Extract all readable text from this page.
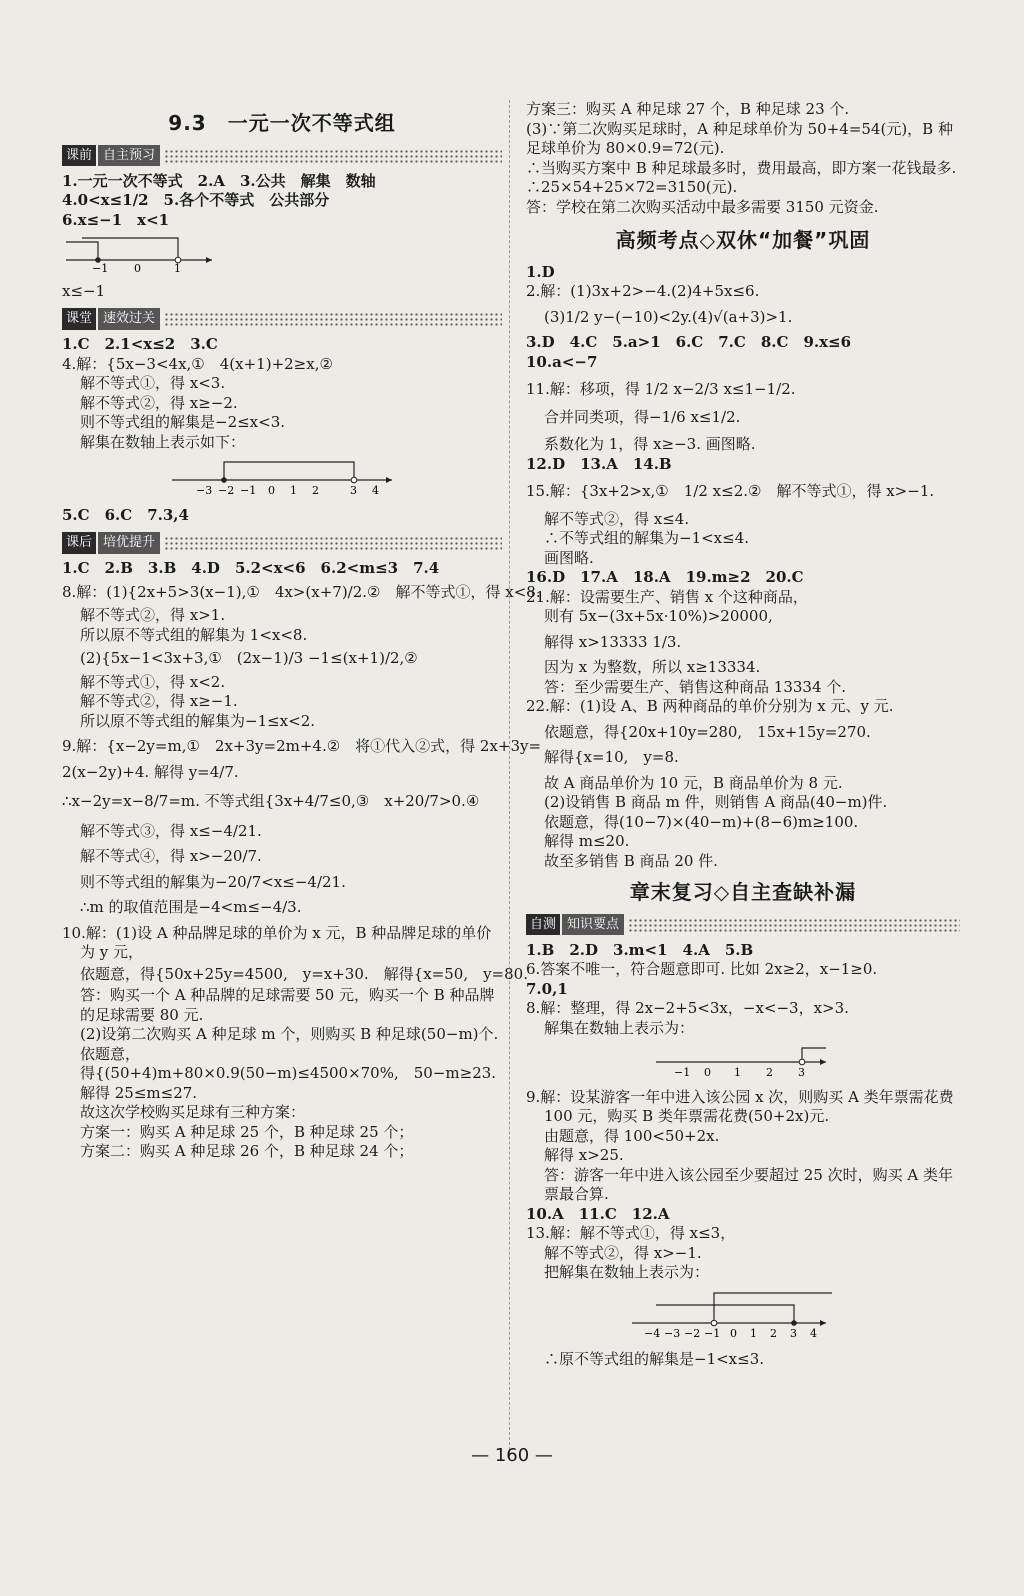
9.3　一元一次不等式组
课前 自主预习
1.一元一次不等式　2.A　3.公共　解集　数轴
4.0<x≤1/2　5.各个不等式　公共部分
6.x≤−1　x<1
−1 0	1
x≤−1
课堂 速效过关
1.C　2.1<x≤2　3.C
4.解：{5x−3<4x,①　4(x+1)+2≥x,②
解不等式①，得 x<3.
解不等式②，得 x≥−2.
则不等式组的解集是−2≤x<3.
解集在数轴上表示如下：
−3 −2 −1 0 1 2	3 4
5.C　6.C　7.3,4
课后 培优提升
1.C　2.B　3.B　4.D　5.2<x<6　6.2<m≤3　7.4
8.解：(1){2x+5>3(x−1),①　4x>(x+7)/2.②　解不等式①，得 x<8.
解不等式②，得 x>1.
所以原不等式组的解集为 1<x<8.
(2){5x−1<3x+3,①　(2x−1)/3 −1≤(x+1)/2,②
解不等式①，得 x<2.
解不等式②，得 x≥−1.
所以原不等式组的解集为−1≤x<2.
9.解：{x−2y=m,①　2x+3y=2m+4.②　将①代入②式，得 2x+3y=
2(x−2y)+4. 解得 y=4/7.
∴x−2y=x−8/7=m. 不等式组{3x+4/7≤0,③　x+20/7>0.④
解不等式③，得 x≤−4/21.
解不等式④，得 x>−20/7.
则不等式组的解集为−20/7<x≤−4/21.
∴m 的取值范围是−4<m≤−4/3.
10.解：(1)设 A 种品牌足球的单价为 x 元，B 种品牌足球的单价为 y 元，
依题意，得{50x+25y=4500,　y=x+30.　解得{x=50,　y=80.
答：购买一个 A 种品牌的足球需要 50 元，购买一个 B 种品牌的足球需要 80 元.
(2)设第二次购买 A 种足球 m 个，则购买 B 种足球(50−m)个.
依题意，
得{(50+4)m+80×0.9(50−m)≤4500×70%,　50−m≥23.
解得 25≤m≤27.
故这次学校购买足球有三种方案：
方案一：购买 A 种足球 25 个，B 种足球 25 个；
方案二：购买 A 种足球 26 个，B 种足球 24 个；
方案三：购买 A 种足球 27 个，B 种足球 23 个.
(3)∵第二次购买足球时，A 种足球单价为 50+4=54(元)，B 种足球单价为 80×0.9=72(元).
∴当购买方案中 B 种足球最多时，费用最高，即方案一花钱最多.
∴25×54+25×72=3150(元).
答：学校在第二次购买活动中最多需要 3150 元资金.
高频考点◇双休“加餐”巩固
1.D
2.解：(1)3x+2>−4.(2)4+5x≤6.
(3)1/2 y−(−10)<2y.(4)√(a+3)>1.
3.D　4.C　5.a>1　6.C　7.C　8.C　9.x≤6
10.a<−7
11.解：移项，得 1/2 x−2/3 x≤1−1/2.
合并同类项，得−1/6 x≤1/2.
系数化为 1，得 x≥−3. 画图略.
12.D　13.A　14.B
15.解：{3x+2>x,①　1/2 x≤2.②　解不等式①，得 x>−1.
解不等式②，得 x≤4.
∴不等式组的解集为−1<x≤4.
画图略.
16.D　17.A　18.A　19.m≥2　20.C
21.解：设需要生产、销售 x 个这种商品，
则有 5x−(3x+5x·10%)>20000,
解得 x>13333 1/3.
因为 x 为整数，所以 x≥13334.
答：至少需要生产、销售这种商品 13334 个.
22.解：(1)设 A、B 两种商品的单价分别为 x 元、y 元.
依题意，得{20x+10y=280,　15x+15y=270.
解得{x=10,　y=8.
故 A 商品单价为 10 元，B 商品单价为 8 元.
(2)设销售 B 商品 m 件，则销售 A 商品(40−m)件.
依题意，得(10−7)×(40−m)+(8−6)m≥100.
解得 m≤20.
故至多销售 B 商品 20 件.
章末复习◇自主查缺补漏
自测 知识要点
1.B　2.D　3.m<1　4.A　5.B
6.答案不唯一，符合题意即可. 比如 2x≥2，x−1≥0.
7.0,1
8.解：整理，得 2x−2+5<3x，−x<−3，x>3.
解集在数轴上表示为：
−1 0 1 2 3
9.解：设某游客一年中进入该公园 x 次，则购买 A 类年票需花费 100 元，购买 B 类年票需花费(50+2x)元.
由题意，得 100<50+2x.
解得 x>25.
答：游客一年中进入该公园至少要超过 25 次时，购买 A 类年票最合算.
10.A　11.C　12.A
13.解：解不等式①，得 x≤3，
解不等式②，得 x>−1.
把解集在数轴上表示为：
−4 −3 −2 −1 0 1 2 3 4
∴原不等式组的解集是−1<x≤3.
— 160 —
